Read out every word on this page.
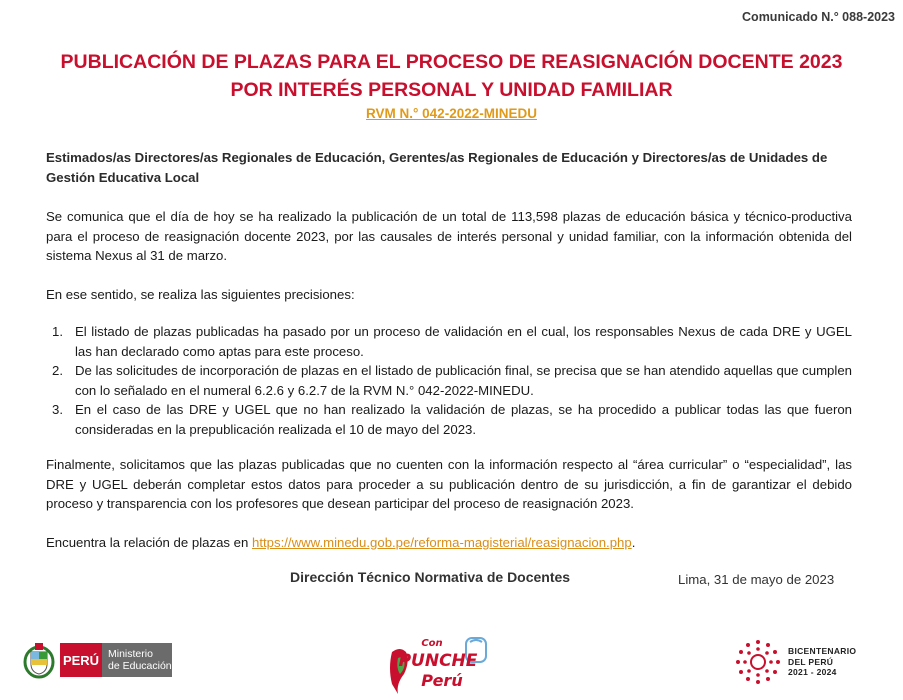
Comunicado N.° 088-2023
PUBLICACIÓN DE PLAZAS PARA EL PROCESO DE REASIGNACIÓN DOCENTE 2023
POR INTERÉS PERSONAL Y UNIDAD FAMILIAR
RVM N.° 042-2022-MINEDU
Estimados/as Directores/as Regionales de Educación, Gerentes/as Regionales de Educación y Directores/as de Unidades de Gestión Educativa Local
Se comunica que el día de hoy se ha realizado la publicación de un total de 113,598 plazas de educación básica y técnico-productiva para el proceso de reasignación docente 2023, por las causales de interés personal y unidad familiar, con la información obtenida del sistema Nexus al 31 de marzo.
En ese sentido, se realiza las siguientes precisiones:
1. El listado de plazas publicadas ha pasado por un proceso de validación en el cual, los responsables Nexus de cada DRE y UGEL las han declarado como aptas para este proceso.
2. De las solicitudes de incorporación de plazas en el listado de publicación final, se precisa que se han atendido aquellas que cumplen con lo señalado en el numeral 6.2.6 y 6.2.7 de la RVM N.° 042-2022-MINEDU.
3. En el caso de las DRE y UGEL que no han realizado la validación de plazas, se ha procedido a publicar todas las que fueron consideradas en la prepublicación realizada el 10 de mayo del 2023.
Finalmente, solicitamos que las plazas publicadas que no cuenten con la información respecto al “área curricular” o “especialidad”, las DRE y UGEL deberán completar estos datos para proceder a su publicación dentro de su jurisdicción, a fin de garantizar el debido proceso y transparencia con los profesores que desean participar del proceso de reasignación 2023.
Encuentra la relación de plazas en https://www.minedu.gob.pe/reforma-magisterial/reasignacion.php.
Dirección Técnico Normativa de Docentes	Lima, 31 de mayo de 2023
PERÚ Ministerio
de Educación
Con
PUNCHE
Perú
BICENTENARIO
DEL PERÚ
2021 - 2024
